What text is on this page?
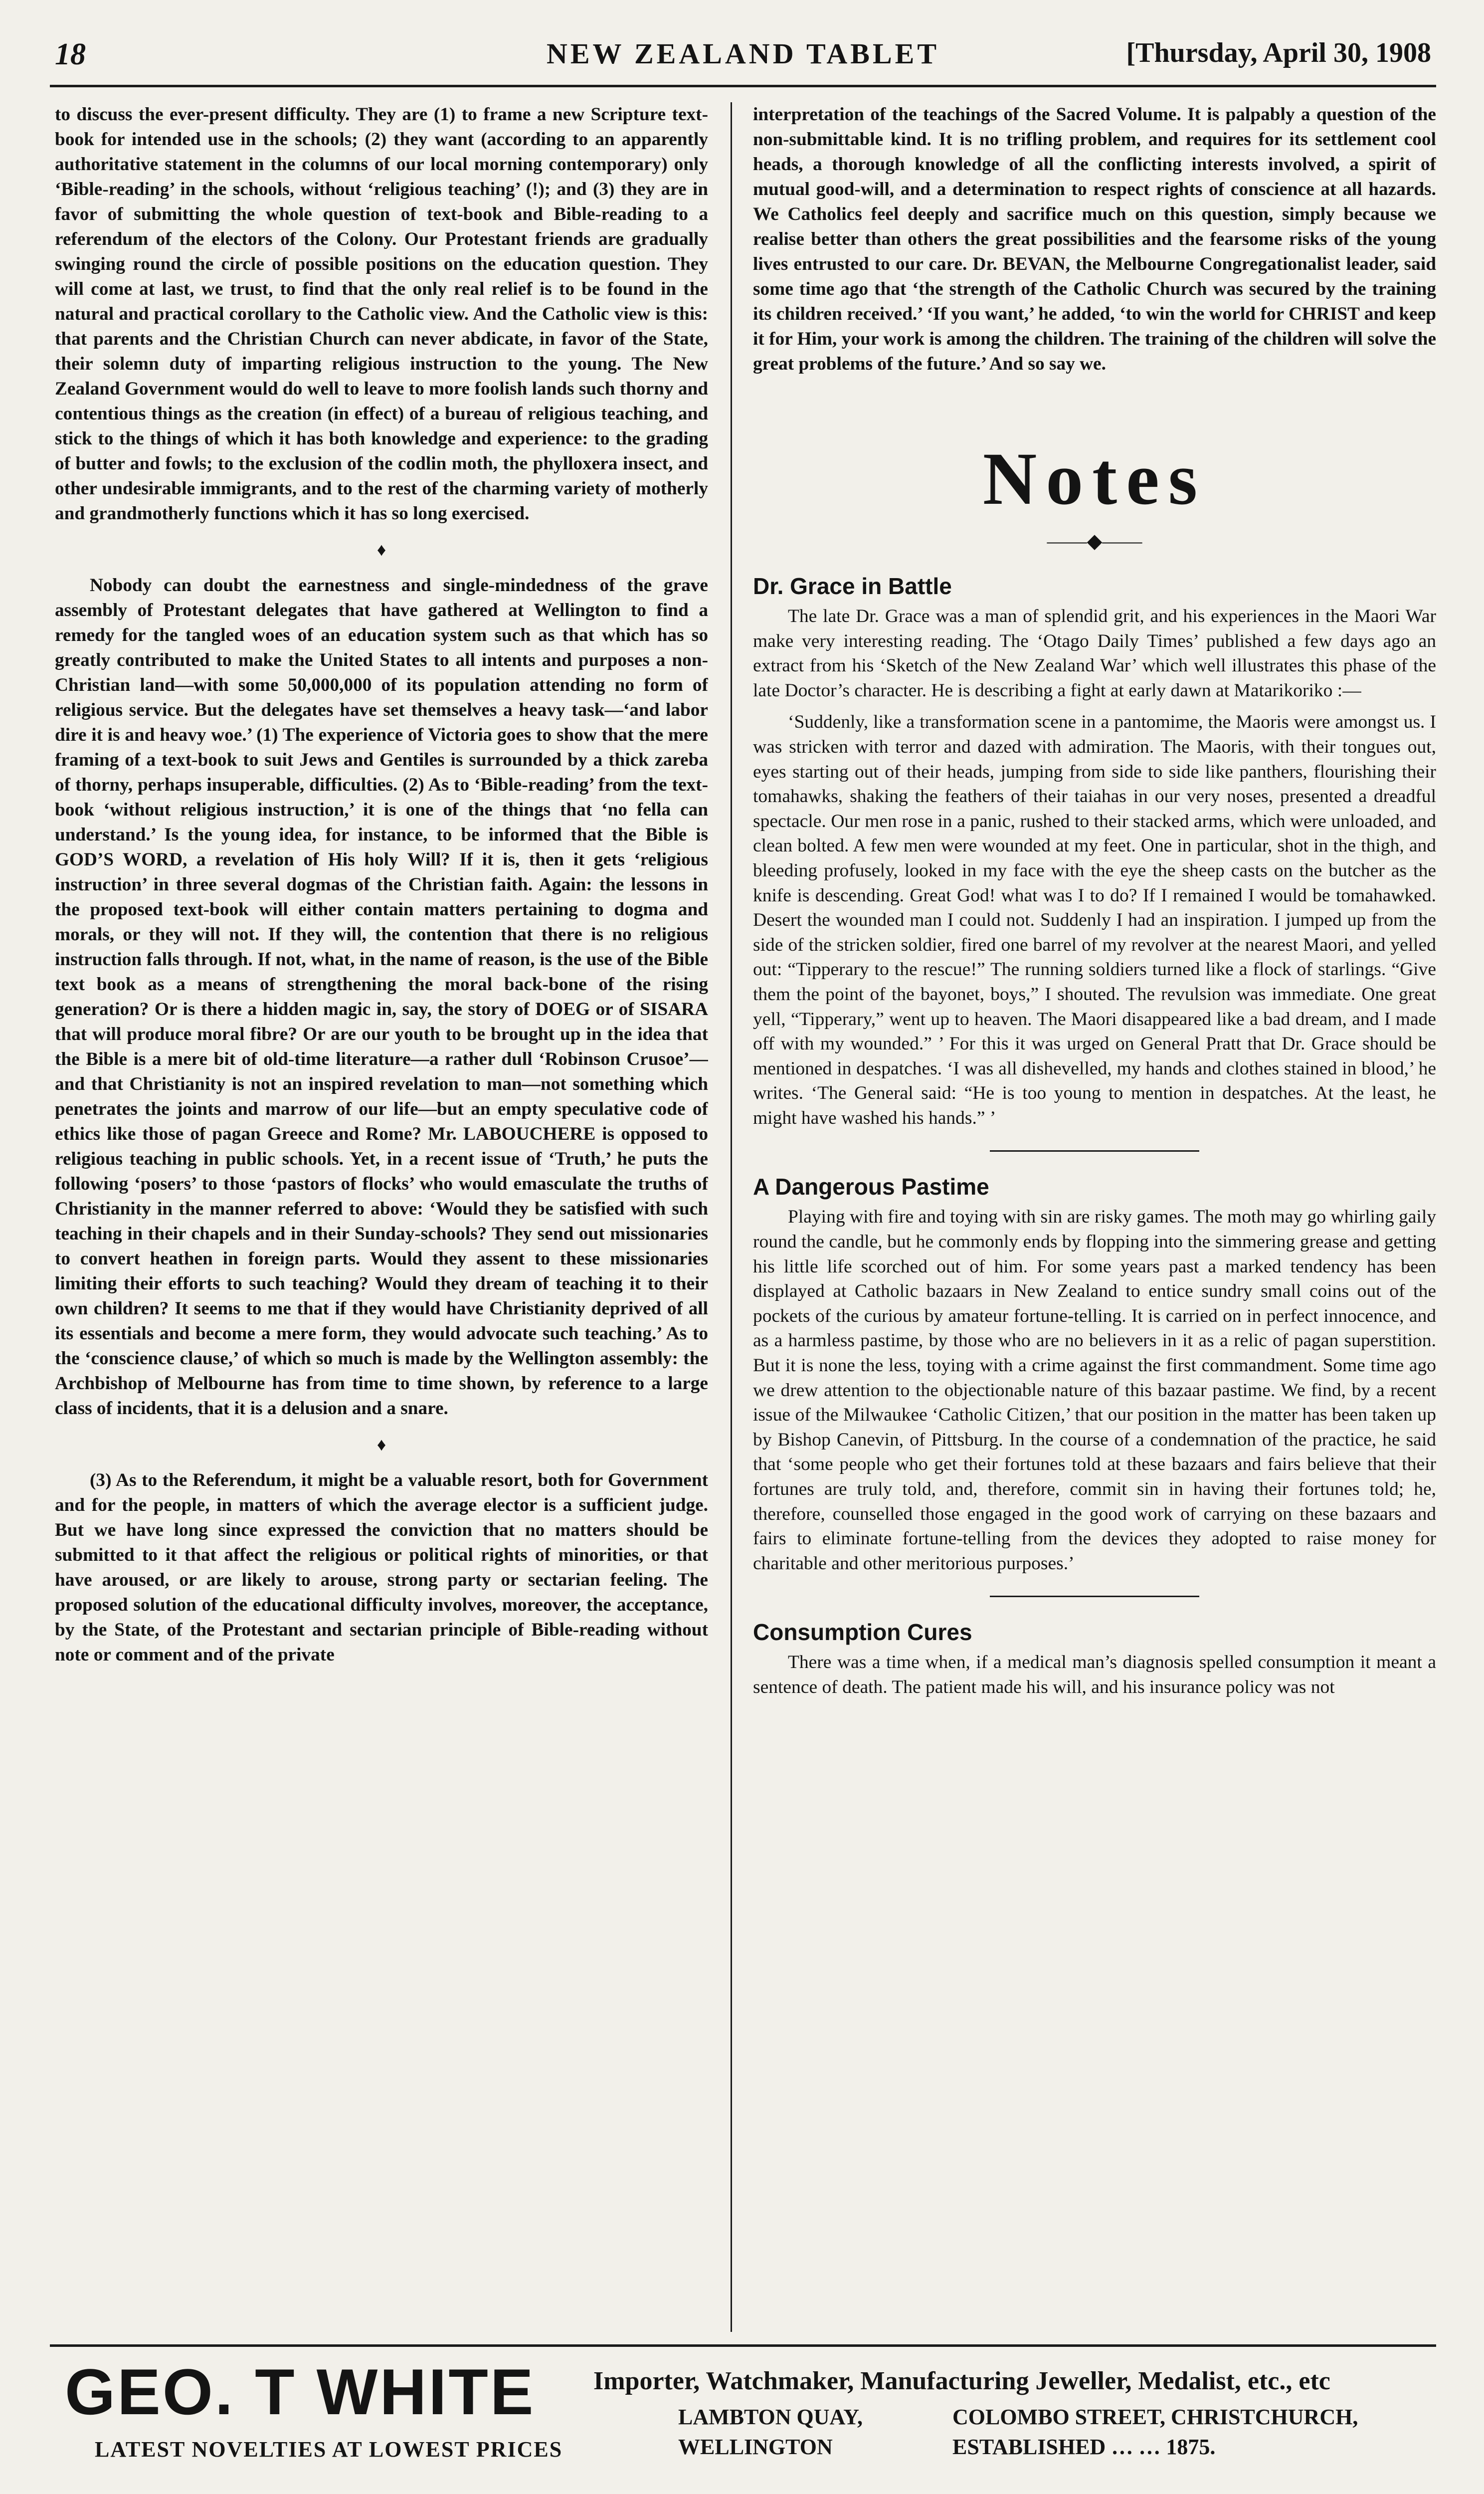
18	NEW ZEALAND TABLET	[Thursday, April 30, 1908

to discuss the ever-present difficulty. They are (1) to frame a new Scripture text-book for intended use in the schools; (2) they want (according to an apparently authoritative statement in the columns of our local morning contemporary) only ‘Bible-reading’ in the schools, without ‘religious teaching’ (!); and (3) they are in favor of submitting the whole question of text-book and Bible-reading to a referendum of the electors of the Colony. Our Protestant friends are gradually swinging round the circle of possible positions on the education question. They will come at last, we trust, to find that the only real relief is to be found in the natural and practical corollary to the Catholic view. And the Catholic view is this: that parents and the Christian Church can never abdicate, in favor of the State, their solemn duty of imparting religious instruction to the young. The New Zealand Government would do well to leave to more foolish lands such thorny and contentious things as the creation (in effect) of a bureau of religious teaching, and stick to the things of which it has both knowledge and experience: to the grading of butter and fowls; to the exclusion of the codlin moth, the phylloxera insect, and other undesirable immigrants, and to the rest of the charming variety of motherly and grandmotherly functions which it has so long exercised.

♦

Nobody can doubt the earnestness and single-mindedness of the grave assembly of Protestant delegates that have gathered at Wellington to find a remedy for the tangled woes of an education system such as that which has so greatly contributed to make the United States to all intents and purposes a non-Christian land—with some 50,000,000 of its population attending no form of religious service. But the delegates have set themselves a heavy task—‘and labor dire it is and heavy woe.’ (1) The experience of Victoria goes to show that the mere framing of a text-book to suit Jews and Gentiles is surrounded by a thick zareba of thorny, perhaps insuperable, difficulties. (2) As to ‘Bible-reading’ from the text-book ‘without religious instruction,’ it is one of the things that ‘no fella can understand.’ Is the young idea, for instance, to be informed that the Bible is GOD’S WORD, a revelation of His holy Will? If it is, then it gets ‘religious instruction’ in three several dogmas of the Christian faith. Again: the lessons in the proposed text-book will either contain matters pertaining to dogma and morals, or they will not. If they will, the contention that there is no religious instruction falls through. If not, what, in the name of reason, is the use of the Bible text book as a means of strengthening the moral back-bone of the rising generation? Or is there a hidden magic in, say, the story of DOEG or of SISARA that will produce moral fibre? Or are our youth to be brought up in the idea that the Bible is a mere bit of old-time literature—a rather dull ‘Robinson Crusoe’—and that Christianity is not an inspired revelation to man—not something which penetrates the joints and marrow of our life—but an empty speculative code of ethics like those of pagan Greece and Rome? Mr. LABOUCHERE is opposed to religious teaching in public schools. Yet, in a recent issue of ‘Truth,’ he puts the following ‘posers’ to those ‘pastors of flocks’ who would emasculate the truths of Christianity in the manner referred to above: ‘Would they be satisfied with such teaching in their chapels and in their Sunday-schools? They send out missionaries to convert heathen in foreign parts. Would they assent to these missionaries limiting their efforts to such teaching? Would they dream of teaching it to their own children? It seems to me that if they would have Christianity deprived of all its essentials and become a mere form, they would advocate such teaching.’ As to the ‘conscience clause,’ of which so much is made by the Wellington assembly: the Archbishop of Melbourne has from time to time shown, by reference to a large class of incidents, that it is a delusion and a snare.

♦

(3) As to the Referendum, it might be a valuable resort, both for Government and for the people, in matters of which the average elector is a sufficient judge. But we have long since expressed the conviction that no matters should be submitted to it that affect the religious or political rights of minorities, or that have aroused, or are likely to arouse, strong party or sectarian feeling. The proposed solution of the educational difficulty involves, moreover, the acceptance, by the State, of the Protestant and sectarian principle of Bible-reading without note or comment and of the private

interpretation of the teachings of the Sacred Volume. It is palpably a question of the non-submittable kind. It is no trifling problem, and requires for its settlement cool heads, a thorough knowledge of all the conflicting interests involved, a spirit of mutual good-will, and a determination to respect rights of conscience at all hazards. We Catholics feel deeply and sacrifice much on this question, simply because we realise better than others the great possibilities and the fearsome risks of the young lives entrusted to our care. Dr. BEVAN, the Melbourne Congregationalist leader, said some time ago that ‘the strength of the Catholic Church was secured by the training its children received.’ ‘If you want,’ he added, ‘to win the world for CHRIST and keep it for Him, your work is among the children. The training of the children will solve the great problems of the future.’ And so say we.

Notes
——◆——
Dr. Grace in Battle

The late Dr. Grace was a man of splendid grit, and his experiences in the Maori War make very interesting reading. The ‘Otago Daily Times’ published a few days ago an extract from his ‘Sketch of the New Zealand War’ which well illustrates this phase of the late Doctor’s character. He is describing a fight at early dawn at Matarikoriko :—

‘Suddenly, like a transformation scene in a pantomime, the Maoris were amongst us. I was stricken with terror and dazed with admiration. The Maoris, with their tongues out, eyes starting out of their heads, jumping from side to side like panthers, flourishing their tomahawks, shaking the feathers of their taiahas in our very noses, presented a dreadful spectacle. Our men rose in a panic, rushed to their stacked arms, which were unloaded, and clean bolted. A few men were wounded at my feet. One in particular, shot in the thigh, and bleeding profusely, looked in my face with the eye the sheep casts on the butcher as the knife is descending. Great God! what was I to do? If I remained I would be tomahawked. Desert the wounded man I could not. Suddenly I had an inspiration. I jumped up from the side of the stricken soldier, fired one barrel of my revolver at the nearest Maori, and yelled out: “Tipperary to the rescue!” The running soldiers turned like a flock of starlings. “Give them the point of the bayonet, boys,” I shouted. The revulsion was immediate. One great yell, “Tipperary,” went up to heaven. The Maori disappeared like a bad dream, and I made off with my wounded.” ’ For this it was urged on General Pratt that Dr. Grace should be mentioned in despatches. ‘I was all dishevelled, my hands and clothes stained in blood,’ he writes. ‘The General said: “He is too young to mention in despatches. At the least, he might have washed his hands.” ’

A Dangerous Pastime

Playing with fire and toying with sin are risky games. The moth may go whirling gaily round the candle, but he commonly ends by flopping into the simmering grease and getting his little life scorched out of him. For some years past a marked tendency has been displayed at Catholic bazaars in New Zealand to entice sundry small coins out of the pockets of the curious by amateur fortune-telling. It is carried on in perfect innocence, and as a harmless pastime, by those who are no believers in it as a relic of pagan superstition. But it is none the less, toying with a crime against the first commandment. Some time ago we drew attention to the objectionable nature of this bazaar pastime. We find, by a recent issue of the Milwaukee ‘Catholic Citizen,’ that our position in the matter has been taken up by Bishop Canevin, of Pittsburg. In the course of a condemnation of the practice, he said that ‘some people who get their fortunes told at these bazaars and fairs believe that their fortunes are truly told, and, therefore, commit sin in having their fortunes told; he, therefore, counselled those engaged in the good work of carrying on these bazaars and fairs to eliminate fortune-telling from the devices they adopted to raise money for charitable and other meritorious purposes.’

Consumption Cures

There was a time when, if a medical man’s diagnosis spelled consumption it meant a sentence of death. The patient made his will, and his insurance policy was not

GEO. T WHITE
LATEST NOVELTIES AT LOWEST PRICES
Importer, Watchmaker, Manufacturing Jeweller, Medalist, etc., etc
LAMBTON QUAY,
WELLINGTON
COLOMBO STREET, CHRISTCHURCH,
ESTABLISHED … … 1875.
